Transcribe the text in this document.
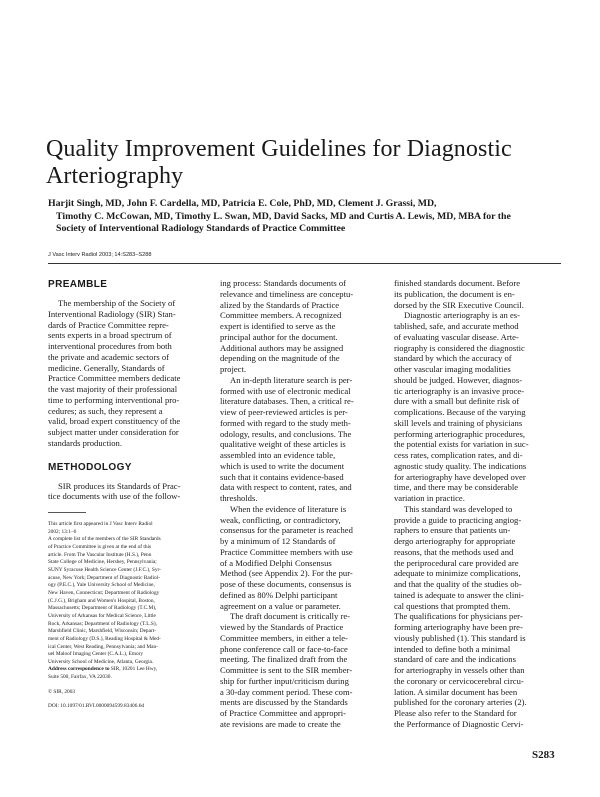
Quality Improvement Guidelines for Diagnostic
Arteriography
Harjit Singh, MD, John F. Cardella, MD, Patricia E. Cole, PhD, MD, Clement J. Grassi, MD,
Timothy C. McCowan, MD, Timothy L. Swan, MD, David Sacks, MD and Curtis A. Lewis, MD, MBA for the
Society of Interventional Radiology Standards of Practice Committee
J Vasc Interv Radiol 2003; 14:S283–S288
PREAMBLE
The membership of the Society of
Interventional Radiology (SIR) Stan-
dards of Practice Committee repre-
sents experts in a broad spectrum of
interventional procedures from both
the private and academic sectors of
medicine. Generally, Standards of
Practice Committee members dedicate
the vast majority of their professional
time to performing interventional pro-
cedures; as such, they represent a
valid, broad expert constituency of the
subject matter under consideration for
standards production.
METHODOLOGY
SIR produces its Standards of Prac-
tice documents with use of the follow-
This article first appeared in J Vasc Interv Radiol
2002; 13:1–6
A complete list of the members of the SIR Standards
of Practice Committee is given at the end of this
article. From The Vascular Institute (H.S.), Penn
State College of Medicine, Hershey, Pennsylvania;
SUNY Syracuse Health Science Center (J.F.C.), Syr-
acuse, New York; Department of Diagnostic Radiol-
ogy (P.E.C.), Yale University School of Medicine,
New Haven, Connecticut; Department of Radiology
(C.J.G.), Brigham and Women's Hospital, Boston,
Massachusetts; Department of Radiology (T.C.M),
University of Arkansas for Medical Science, Little
Rock, Arkansas; Department of Radiology (T.L.S),
Marshfield Clinic, Marshfield, Wisconsin; Depart-
ment of Radiology (D.S.), Reading Hospital & Med-
ical Center, West Reading, Pennsylvania; and Man-
uel Maloof Imaging Center (C.A.L.), Emory
University School of Medicine, Atlanta, Georgia.
Address correspondence to SIR, 10201 Lee Hwy,
Suite 500, Fairfax, VA 22030.
© SIR, 2003
DOI: 10.1097/01.RVI.0000094599.83406.6d
ing process: Standards documents of
relevance and timeliness are conceptu-
alized by the Standards of Practice
Committee members. A recognized
expert is identified to serve as the
principal author for the document.
Additional authors may be assigned
depending on the magnitude of the
project.
An in-depth literature search is per-
formed with use of electronic medical
literature databases. Then, a critical re-
view of peer-reviewed articles is per-
formed with regard to the study meth-
odology, results, and conclusions. The
qualitative weight of these articles is
assembled into an evidence table,
which is used to write the document
such that it contains evidence-based
data with respect to content, rates, and
thresholds.
When the evidence of literature is
weak, conflicting, or contradictory,
consensus for the parameter is reached
by a minimum of 12 Standards of
Practice Committee members with use
of a Modified Delphi Consensus
Method (see Appendix 2). For the pur-
pose of these documents, consensus is
defined as 80% Delphi participant
agreement on a value or parameter.
The draft document is critically re-
viewed by the Standards of Practice
Committee members, in either a tele-
phone conference call or face-to-face
meeting. The finalized draft from the
Committee is sent to the SIR member-
ship for further input/criticism during
a 30-day comment period. These com-
ments are discussed by the Standards
of Practice Committee and appropri-
ate revisions are made to create the
finished standards document. Before
its publication, the document is en-
dorsed by the SIR Executive Council.
Diagnostic arteriography is an es-
tablished, safe, and accurate method
of evaluating vascular disease. Arte-
riography is considered the diagnostic
standard by which the accuracy of
other vascular imaging modalities
should be judged. However, diagnos-
tic arteriography is an invasive proce-
dure with a small but definite risk of
complications. Because of the varying
skill levels and training of physicians
performing arteriographic procedures,
the potential exists for variation in suc-
cess rates, complication rates, and di-
agnostic study quality. The indications
for arteriography have developed over
time, and there may be considerable
variation in practice.
This standard was developed to
provide a guide to practicing angiog-
raphers to ensure that patients un-
dergo arteriography for appropriate
reasons, that the methods used and
the periprocedural care provided are
adequate to minimize complications,
and that the quality of the studies ob-
tained is adequate to answer the clini-
cal questions that prompted them.
The qualifications for physicians per-
forming arteriography have been pre-
viously published (1). This standard is
intended to define both a minimal
standard of care and the indications
for arteriography in vessels other than
the coronary or cervicocerebral circu-
lation. A similar document has been
published for the coronary arteries (2).
Please also refer to the Standard for
the Performance of Diagnostic Cervi-
S283
